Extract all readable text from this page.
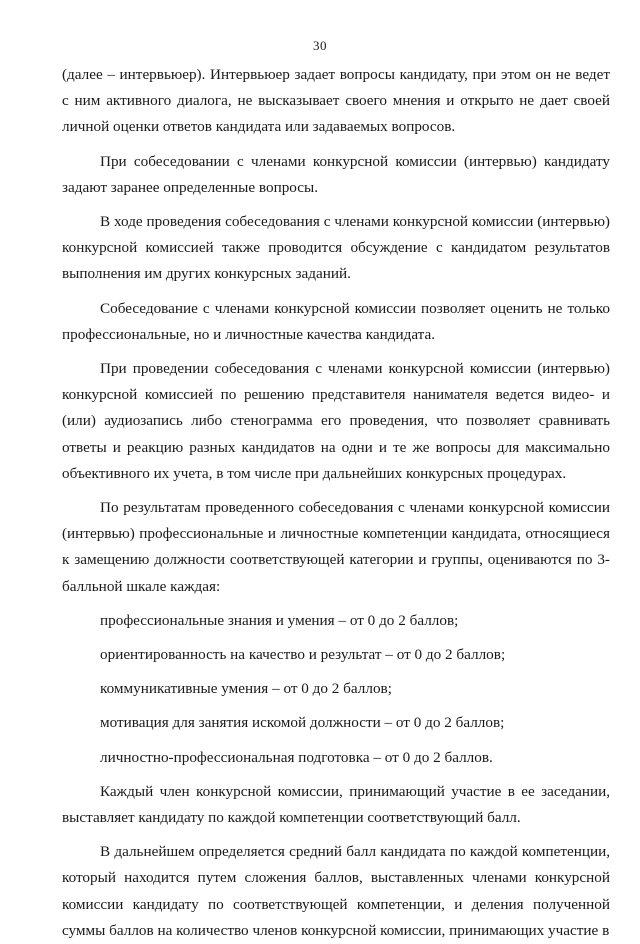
30

(далее – интервьюер). Интервьюер задает вопросы кандидату, при этом он не ведет с ним активного диалога, не высказывает своего мнения и открыто не дает своей личной оценки ответов кандидата или задаваемых вопросов.

При собеседовании с членами конкурсной комиссии (интервью) кандидату задают заранее определенные вопросы.

В ходе проведения собеседования с членами конкурсной комиссии (интервью) конкурсной комиссией также проводится обсуждение с кандидатом результатов выполнения им других конкурсных заданий.

Собеседование с членами конкурсной комиссии позволяет оценить не только профессиональные, но и личностные качества кандидата.

При проведении собеседования с членами конкурсной комиссии (интервью) конкурсной комиссией по решению представителя нанимателя ведется видео- и (или) аудиозапись либо стенограмма его проведения, что позволяет сравнивать ответы и реакцию разных кандидатов на одни и те же вопросы для максимально объективного их учета, в том числе при дальнейших конкурсных процедурах.

По результатам проведенного собеседования с членами конкурсной комиссии (интервью) профессиональные и личностные компетенции кандидата, относящиеся к замещению должности соответствующей категории и группы, оцениваются по 3-балльной шкале каждая:

профессиональные знания и умения – от 0 до 2 баллов;

ориентированность на качество и результат – от 0 до 2 баллов;

коммуникативные умения – от 0 до 2 баллов;

мотивация для занятия искомой должности – от 0 до 2 баллов;

личностно-профессиональная подготовка – от 0 до 2 баллов.

Каждый член конкурсной комиссии, принимающий участие в ее заседании, выставляет кандидату по каждой компетенции соответствующий балл.

В дальнейшем определяется средний балл кандидата по каждой компетенции, который находится путем сложения баллов, выставленных членами конкурсной комиссии кандидату по соответствующей компетенции, и деления полученной суммы баллов на количество членов конкурсной комиссии, принимающих участие в
